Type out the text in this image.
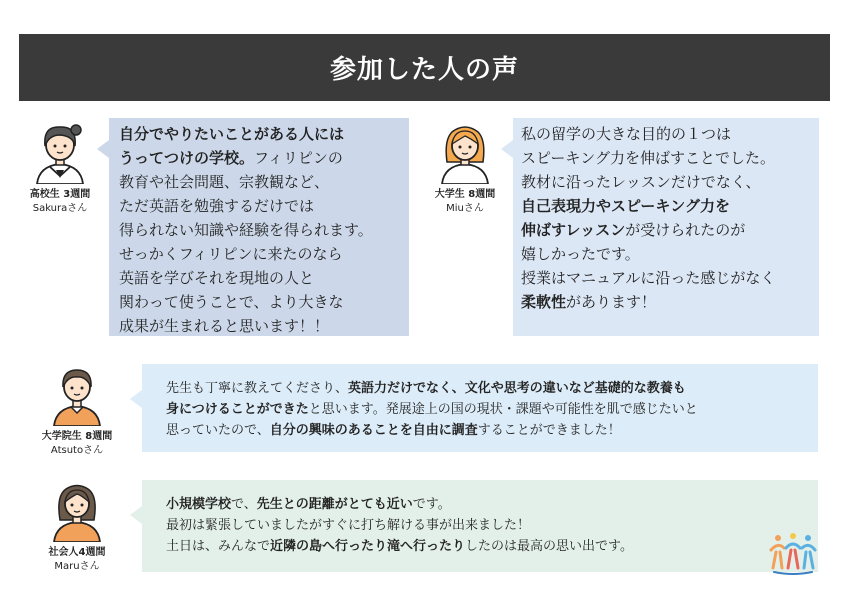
参加した人の声
高校生 3週間
Sakuraさん
自分でやりたいことがある人には
うってつけの学校。フィリピンの
教育や社会問題、宗教観など、
ただ英語を勉強するだけでは
得られない知識や経験を得られます。
せっかくフィリピンに来たのなら
英語を学びそれを現地の人と
関わって使うことで、より大きな
成果が生まれると思います！！
大学生 8週間
Miuさん
私の留学の大きな目的の１つは
スピーキング力を伸ばすことでした。
教材に沿ったレッスンだけでなく、
自己表現力やスピーキング力を
伸ばすレッスンが受けられたのが
嬉しかったです。
授業はマニュアルに沿った感じがなく
柔軟性があります！
大学院生 8週間
Atsutoさん
先生も丁寧に教えてくださり、英語力だけでなく、文化や思考の違いなど基礎的な教養も
身につけることができたと思います。発展途上の国の現状・課題や可能性を肌で感じたいと
思っていたので、自分の興味のあることを自由に調査することができました！
社会人4週間
Maruさん
小規模学校で、先生との距離がとても近いです。
最初は緊張していましたがすぐに打ち解ける事が出来ました！
土日は、みんなで近隣の島へ行ったり滝へ行ったりしたのは最高の思い出です。
